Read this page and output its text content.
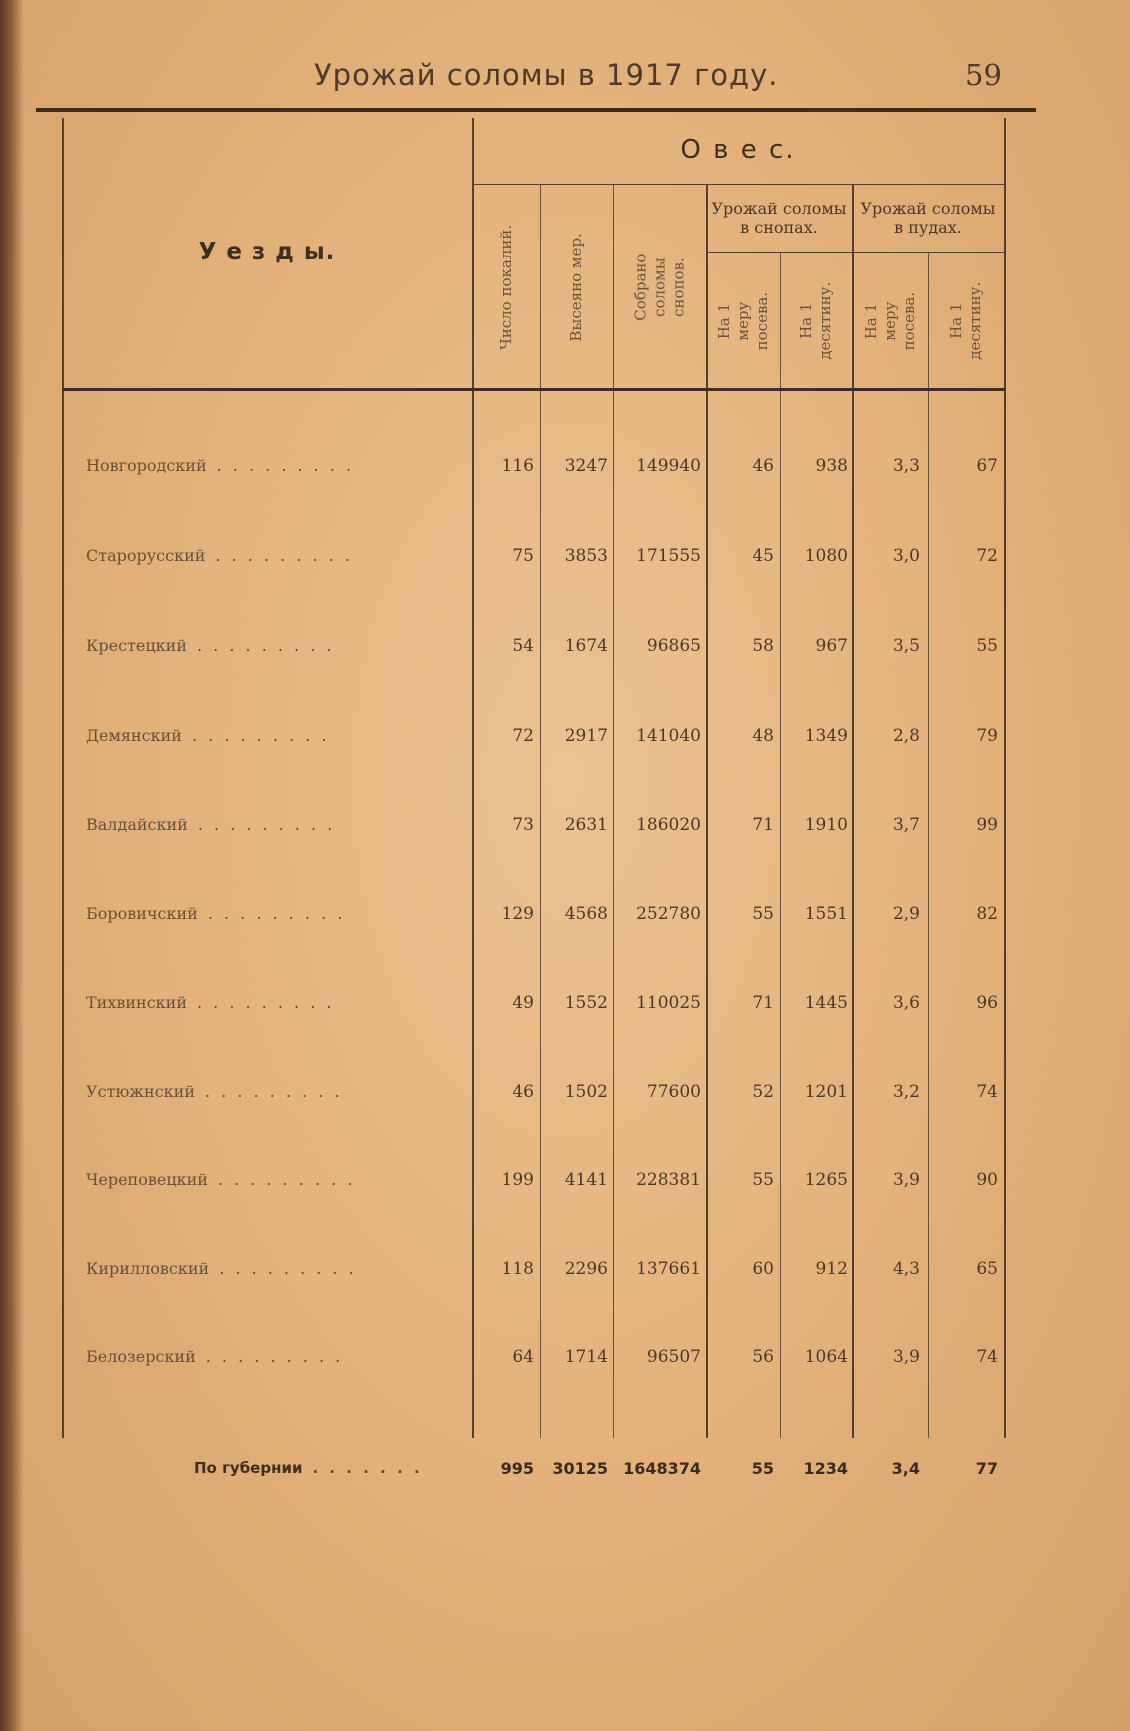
Урожай соломы в 1917 году.	59
У е з д ы.
О в е с.
Число покалий.	Высеяно мер.	Собрано соломы снопов.
Урожай соломы в снопах.
Урожай соломы в пудах.
На 1 меру посева. На 1 десятину. На 1 меру посева. На 1 десятину.
Новгородский . . . . . . . . .	116	3247	149940	46	938	3,3	67
Старорусский . . . . . . . . .	75	3853	171555	45	1080	3,0	72
Крестецкий . . . . . . . . .	54	1674	96865	58	967	3,5	55
Демянский . . . . . . . . .	72	2917	141040	48	1349	2,8	79
Валдайский . . . . . . . . .	73	2631	186020	71	1910	3,7	99
Боровичский . . . . . . . . .	129	4568	252780	55	1551	2,9	82
Тихвинский . . . . . . . . .	49	1552	110025	71	1445	3,6	96
Устюжнский . . . . . . . . .	46	1502	77600	52	1201	3,2	74
Череповецкий . . . . . . . . .	199	4141	228381	55	1265	3,9	90
Кирилловский . . . . . . . . .	118	2296	137661	60	912	4,3	65
Белозерский . . . . . . . . .	64	1714	96507	56	1064	3,9	74
По губернии . . . . . . .	995	30125 1648374	55	1234	3,4	77
